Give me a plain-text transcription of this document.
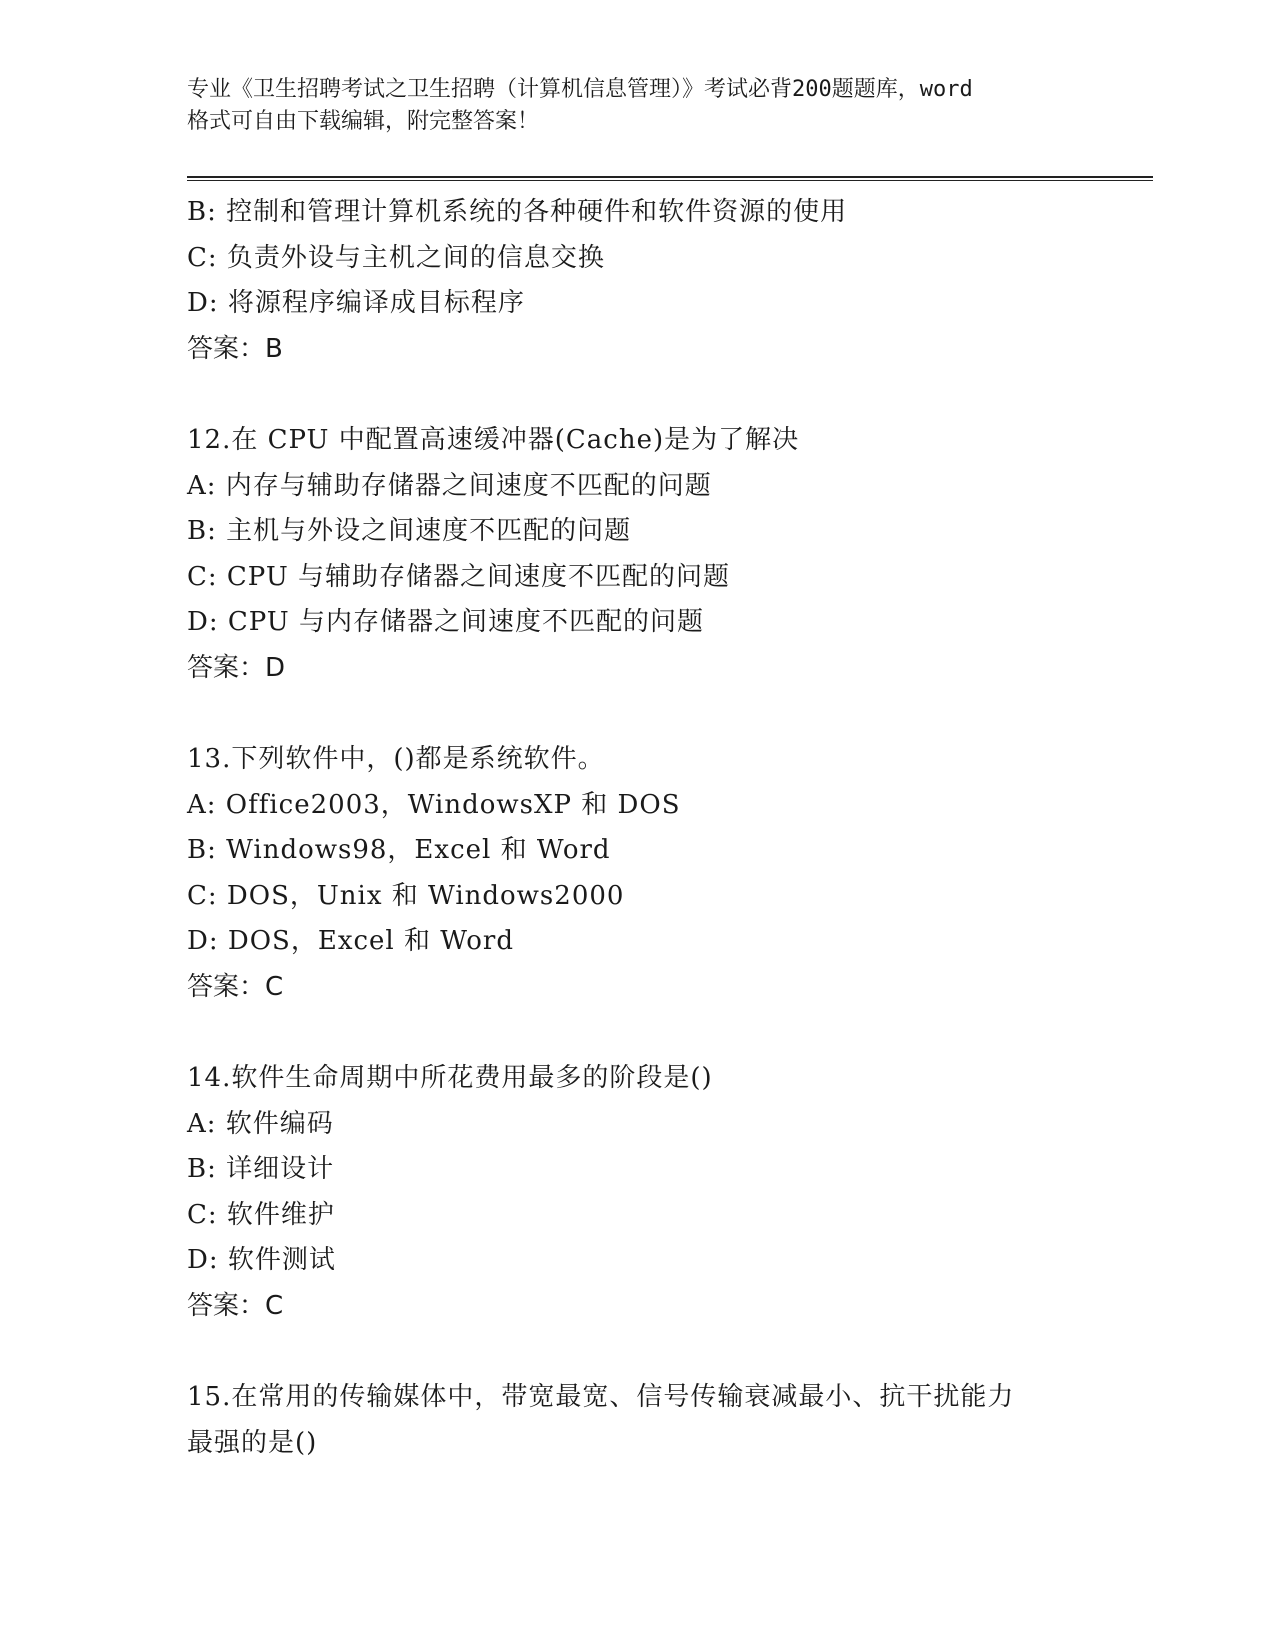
专业《卫生招聘考试之卫生招聘（计算机信息管理）》考试必背200题题库，word
格式可自由下载编辑，附完整答案！
B: 控制和管理计算机系统的各种硬件和软件资源的使用
C: 负责外设与主机之间的信息交换
D: 将源程序编译成目标程序
答案：B
12.在 CPU 中配置高速缓冲器(Cache)是为了解决
A: 内存与辅助存储器之间速度不匹配的问题
B: 主机与外设之间速度不匹配的问题
C: CPU 与辅助存储器之间速度不匹配的问题
D: CPU 与内存储器之间速度不匹配的问题
答案：D
13.下列软件中，()都是系统软件。
A: Office2003，WindowsXP 和 DOS
B: Windows98，Excel 和 Word
C: DOS，Unix 和 Windows2000
D: DOS，Excel 和 Word
答案：C
14.软件生命周期中所花费用最多的阶段是()
A: 软件编码
B: 详细设计
C: 软件维护
D: 软件测试
答案：C
15.在常用的传输媒体中，带宽最宽、信号传输衰减最小、抗干扰能力
最强的是()
